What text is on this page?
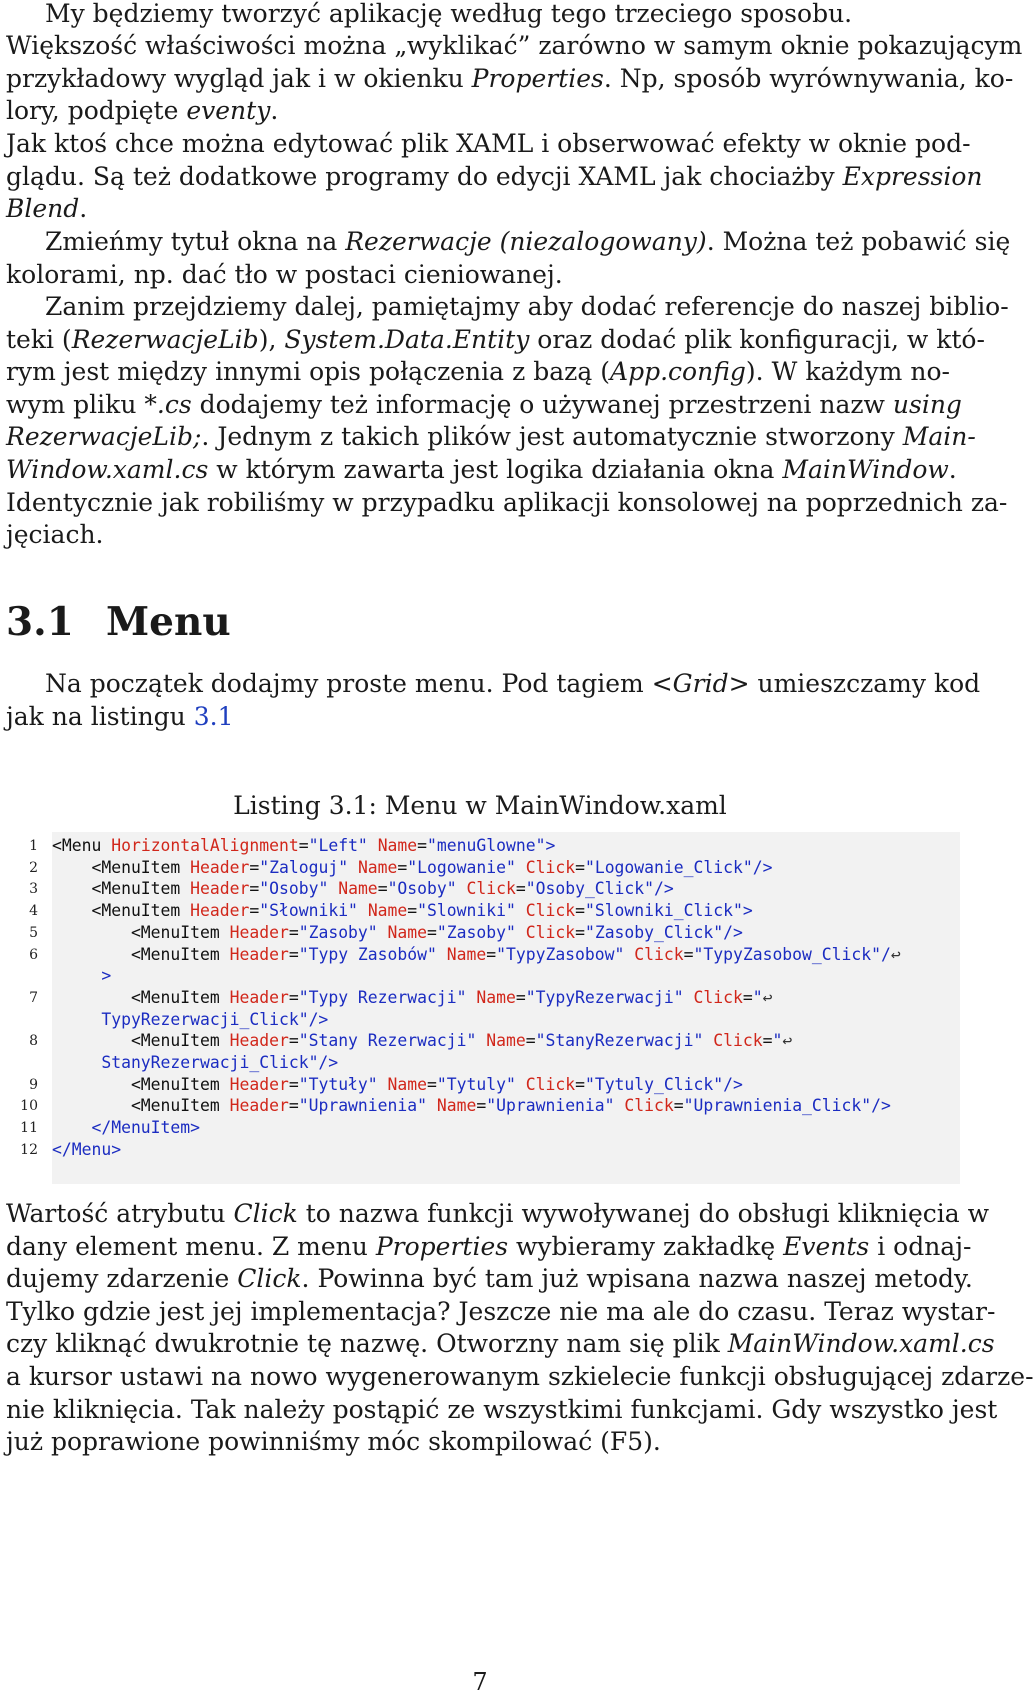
My będziemy tworzyć aplikację według tego trzeciego sposobu.
Większość właściwości można „wyklikać” zarówno w samym oknie pokazującym
przykładowy wygląd jak i w okienku Properties. Np, sposób wyrównywania, ko-
lory, podpięte eventy.
Jak ktoś chce można edytować plik XAML i obserwować efekty w oknie pod-
glądu. Są też dodatkowe programy do edycji XAML jak chociażby Expression
Blend.
Zmieńmy tytuł okna na Rezerwacje (niezalogowany). Można też pobawić się
kolorami, np. dać tło w postaci cieniowanej.
Zanim przejdziemy dalej, pamiętajmy aby dodać referencje do naszej biblio-
teki (RezerwacjeLib), System.Data.Entity oraz dodać plik konfiguracji, w któ-
rym jest między innymi opis połączenia z bazą (App.config). W każdym no-
wym pliku *.cs dodajemy też informację o używanej przestrzeni nazw using
RezerwacjeLib;. Jednym z takich plików jest automatycznie stworzony Main-
Window.xaml.cs w którym zawarta jest logika działania okna MainWindow.
Identycznie jak robiliśmy w przypadku aplikacji konsolowej na poprzednich za-
jęciach.
3.1 Menu
Na początek dodajmy proste menu. Pod tagiem <Grid> umieszczamy kod
jak na listingu 3.1
Listing 3.1: Menu w MainWindow.xaml
1 <Menu HorizontalAlignment="Left" Name="menuGlowne">
2 <MenuItem Header="Zaloguj" Name="Logowanie" Click="Logowanie_Click"/>
3 <MenuItem Header="Osoby" Name="Osoby" Click="Osoby_Click"/>
4 <MenuItem Header="Słowniki" Name="Slowniki" Click="Slowniki_Click">
5 <MenuItem Header="Zasoby" Name="Zasoby" Click="Zasoby_Click"/>
6 <MenuItem Header="Typy Zasobów" Name="TypyZasobow" Click="TypyZasobow_Click"/↩
>
7 <MenuItem Header="Typy Rezerwacji" Name="TypyRezerwacji" Click="↩
TypyRezerwacji_Click"/>
8 <MenuItem Header="Stany Rezerwacji" Name="StanyRezerwacji" Click="↩
StanyRezerwacji_Click"/>
9 <MenuItem Header="Tytuły" Name="Tytuly" Click="Tytuly_Click"/>
10 <MenuItem Header="Uprawnienia" Name="Uprawnienia" Click="Uprawnienia_Click"/>
11 </MenuItem>
12 </Menu>
Wartość atrybutu Click to nazwa funkcji wywoływanej do obsługi kliknięcia w
dany element menu. Z menu Properties wybieramy zakładkę Events i odnaj-
dujemy zdarzenie Click. Powinna być tam już wpisana nazwa naszej metody.
Tylko gdzie jest jej implementacja? Jeszcze nie ma ale do czasu. Teraz wystar-
czy kliknąć dwukrotnie tę nazwę. Otworzny nam się plik MainWindow.xaml.cs
a kursor ustawi na nowo wygenerowanym szkielecie funkcji obsługującej zdarze-
nie kliknięcia. Tak należy postąpić ze wszystkimi funkcjami. Gdy wszystko jest
już poprawione powinniśmy móc skompilować (F5).
7
